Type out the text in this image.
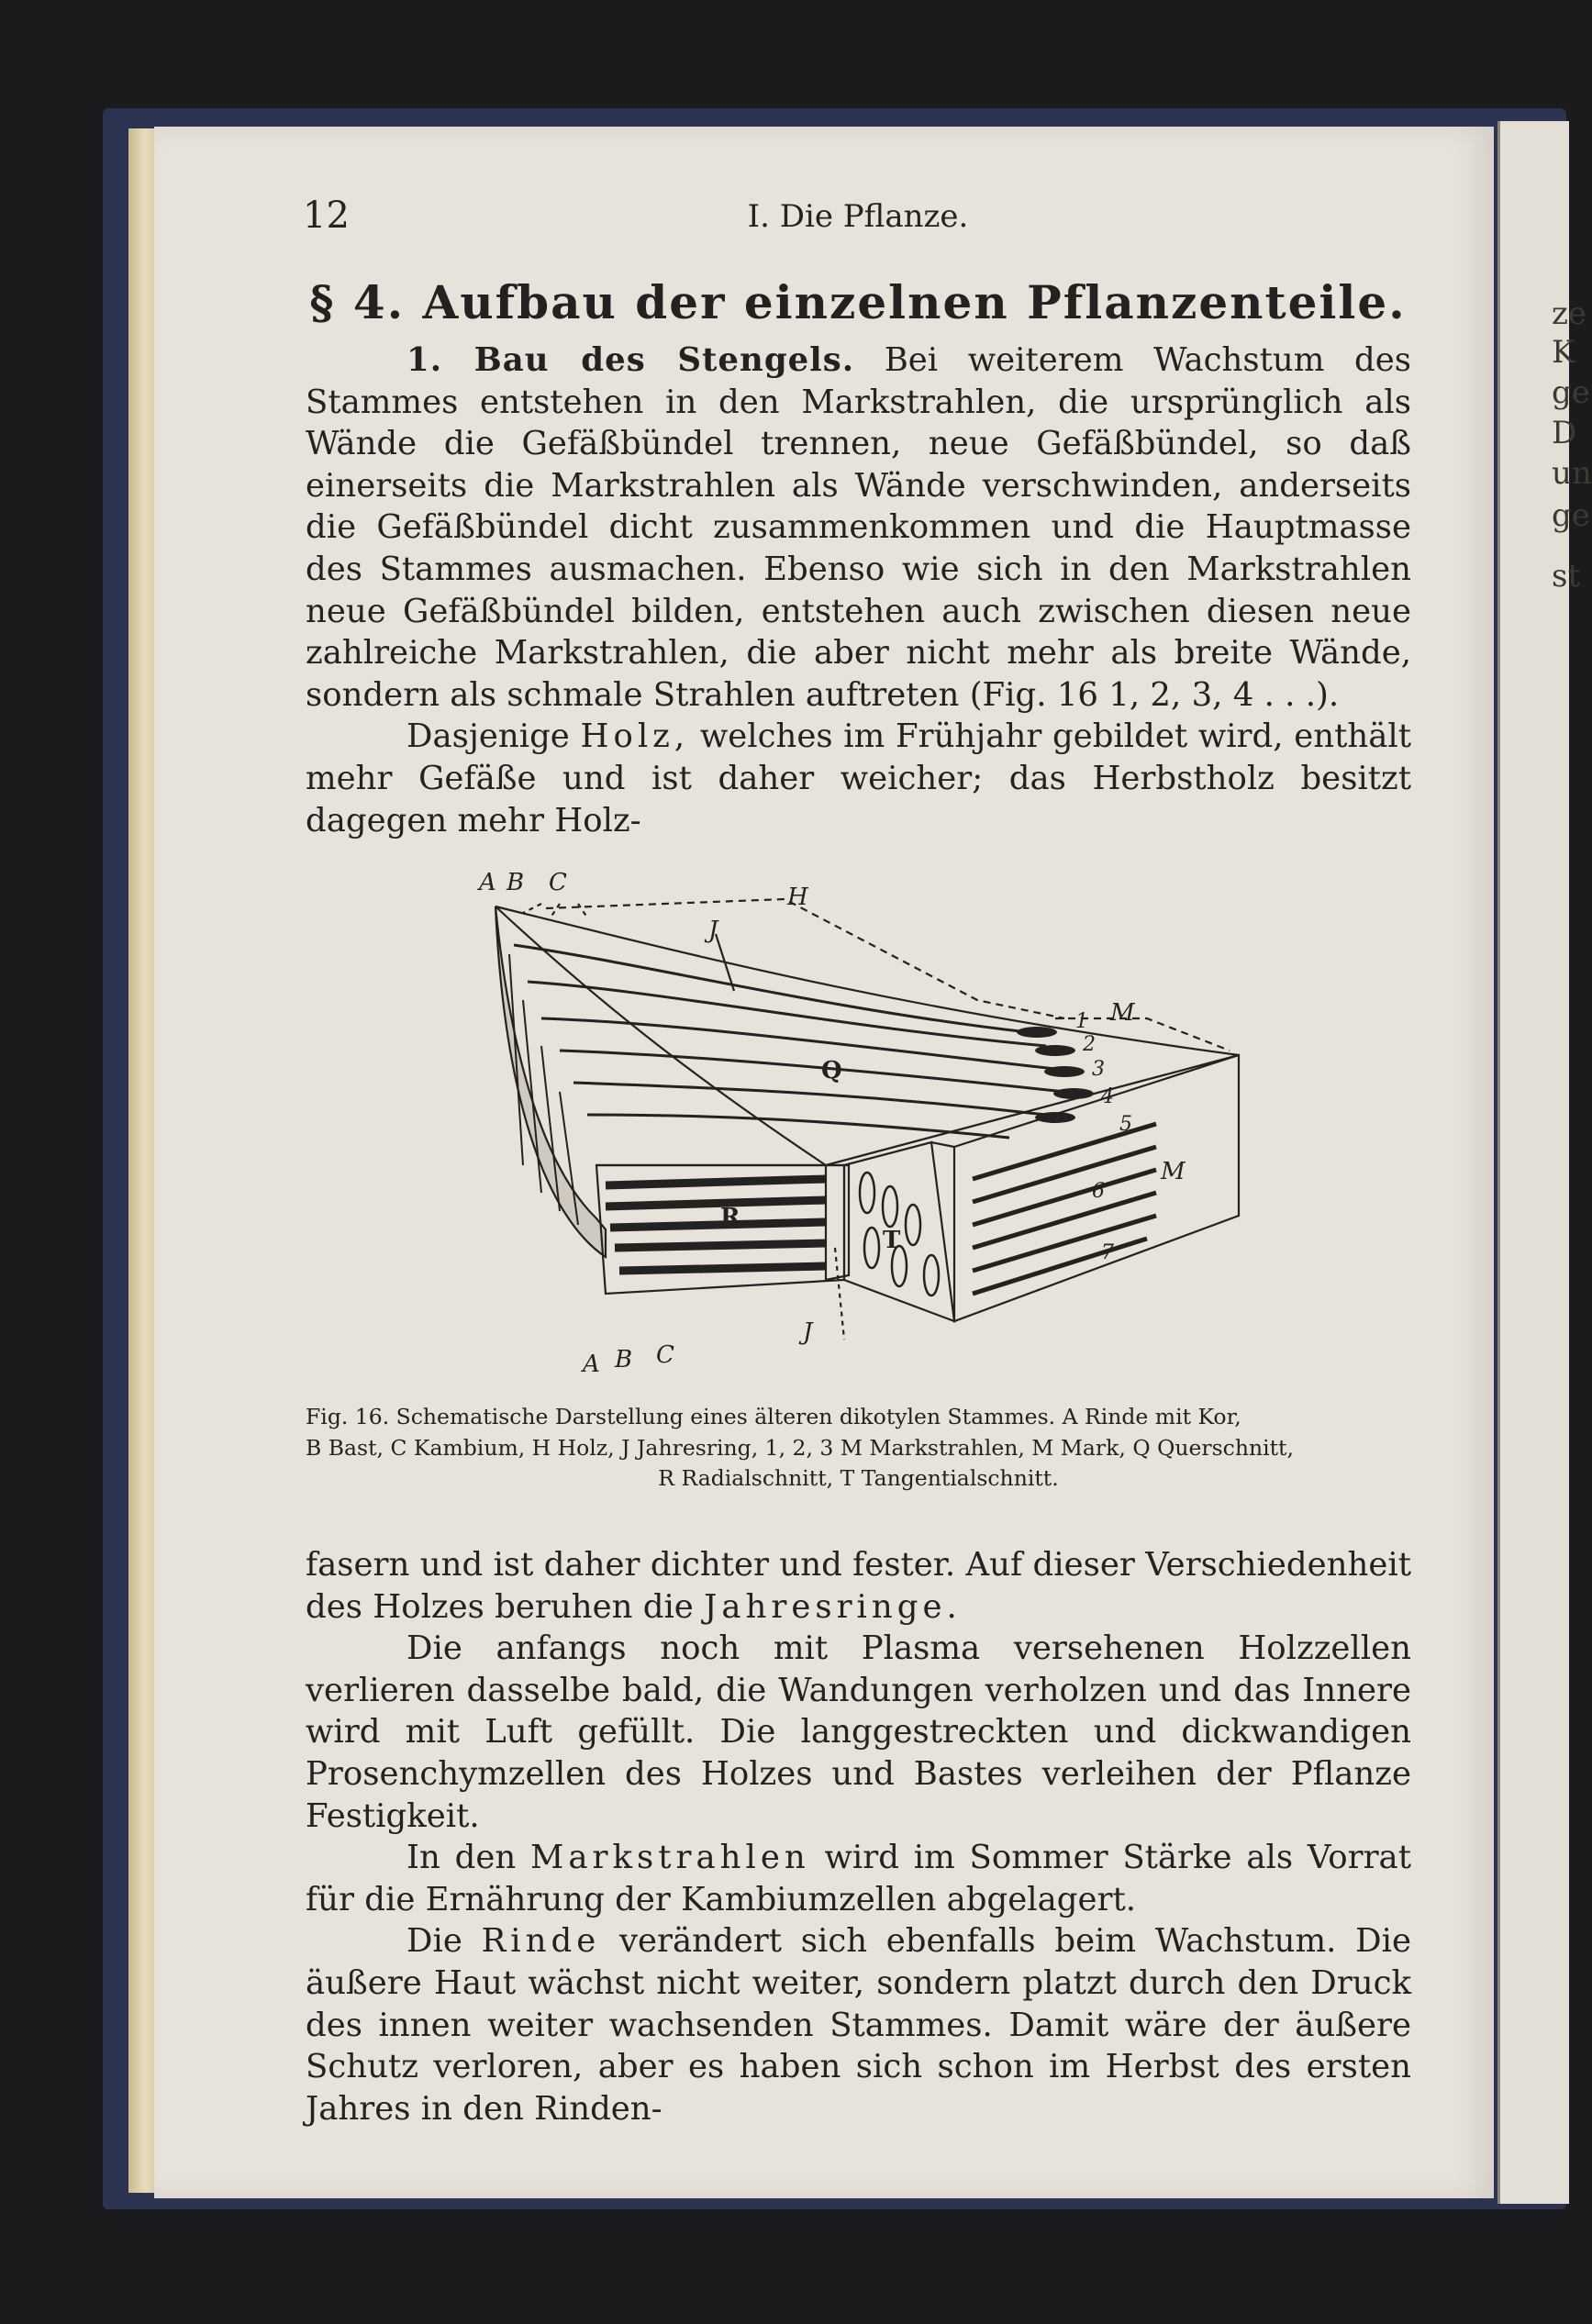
ze
K
ge
D
un
ge
st
12	I. Die Pflanze.
§ 4. Aufbau der einzelnen Pflanzenteile.

1. Bau des Stengels. Bei weiterem Wachstum des Stammes entstehen in den Markstrahlen, die ursprünglich als Wände die Gefäßbündel trennen, neue Gefäßbündel, so daß einerseits die Markstrahlen als Wände verschwinden, anderseits die Gefäßbündel dicht zusammenkommen und die Hauptmasse des Stammes ausmachen. Ebenso wie sich in den Markstrahlen neue Gefäßbündel bilden, entstehen auch zwischen diesen neue zahlreiche Markstrahlen, die aber nicht mehr als breite Wände, sondern als schmale Strahlen auftreten (Fig. 16 1, 2, 3, 4 . . .).

Dasjenige Holz, welches im Frühjahr gebildet wird, enthält mehr Gefäße und ist daher weicher; das Herbstholz besitzt dagegen mehr Holz-

A B C
H
J
M
Q
R
T
M
J
A B C
1
2
3
4
5
6
7

Fig. 16. Schematische Darstellung eines älteren dikotylen Stammes. A Rinde mit Kor,

B Bast, C Kambium, H Holz, J Jahresring, 1, 2, 3 M Markstrahlen, M Mark, Q Querschnitt,

R Radialschnitt, T Tangentialschnitt.

fasern und ist daher dichter und fester. Auf dieser Verschiedenheit des Holzes beruhen die Jahresringe.

Die anfangs noch mit Plasma versehenen Holzzellen verlieren dasselbe bald, die Wandungen verholzen und das Innere wird mit Luft gefüllt. Die langgestreckten und dickwandigen Prosenchymzellen des Holzes und Bastes verleihen der Pflanze Festigkeit.

In den Markstrahlen wird im Sommer Stärke als Vorrat für die Ernährung der Kambiumzellen abgelagert.

Die Rinde verändert sich ebenfalls beim Wachstum. Die äußere Haut wächst nicht weiter, sondern platzt durch den Druck des innen weiter wachsenden Stammes. Damit wäre der äußere Schutz verloren, aber es haben sich schon im Herbst des ersten Jahres in den Rinden-
